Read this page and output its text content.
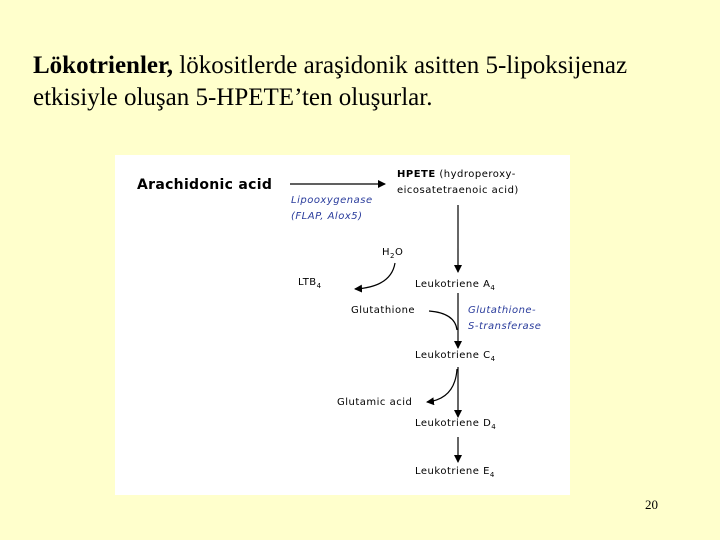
Lökotrienler, lökositlerde araşidonik asitten 5-lipoksijenaz etkisiyle oluşan 5-HPETE’ten oluşurlar.
Arachidonic acid
HPETE (hydroperoxy-
eicosatetraenoic acid)
Lipooxygenase
(FLAP, Alox5)
$H_2O$
$LTB_4$	Leukotriene $A_4$
Glutathione	Glutathione-
S-transferase
Leukotriene $C_4$
Glutamic acid
Leukotriene $D_4$
Leukotriene $E_4$
20
